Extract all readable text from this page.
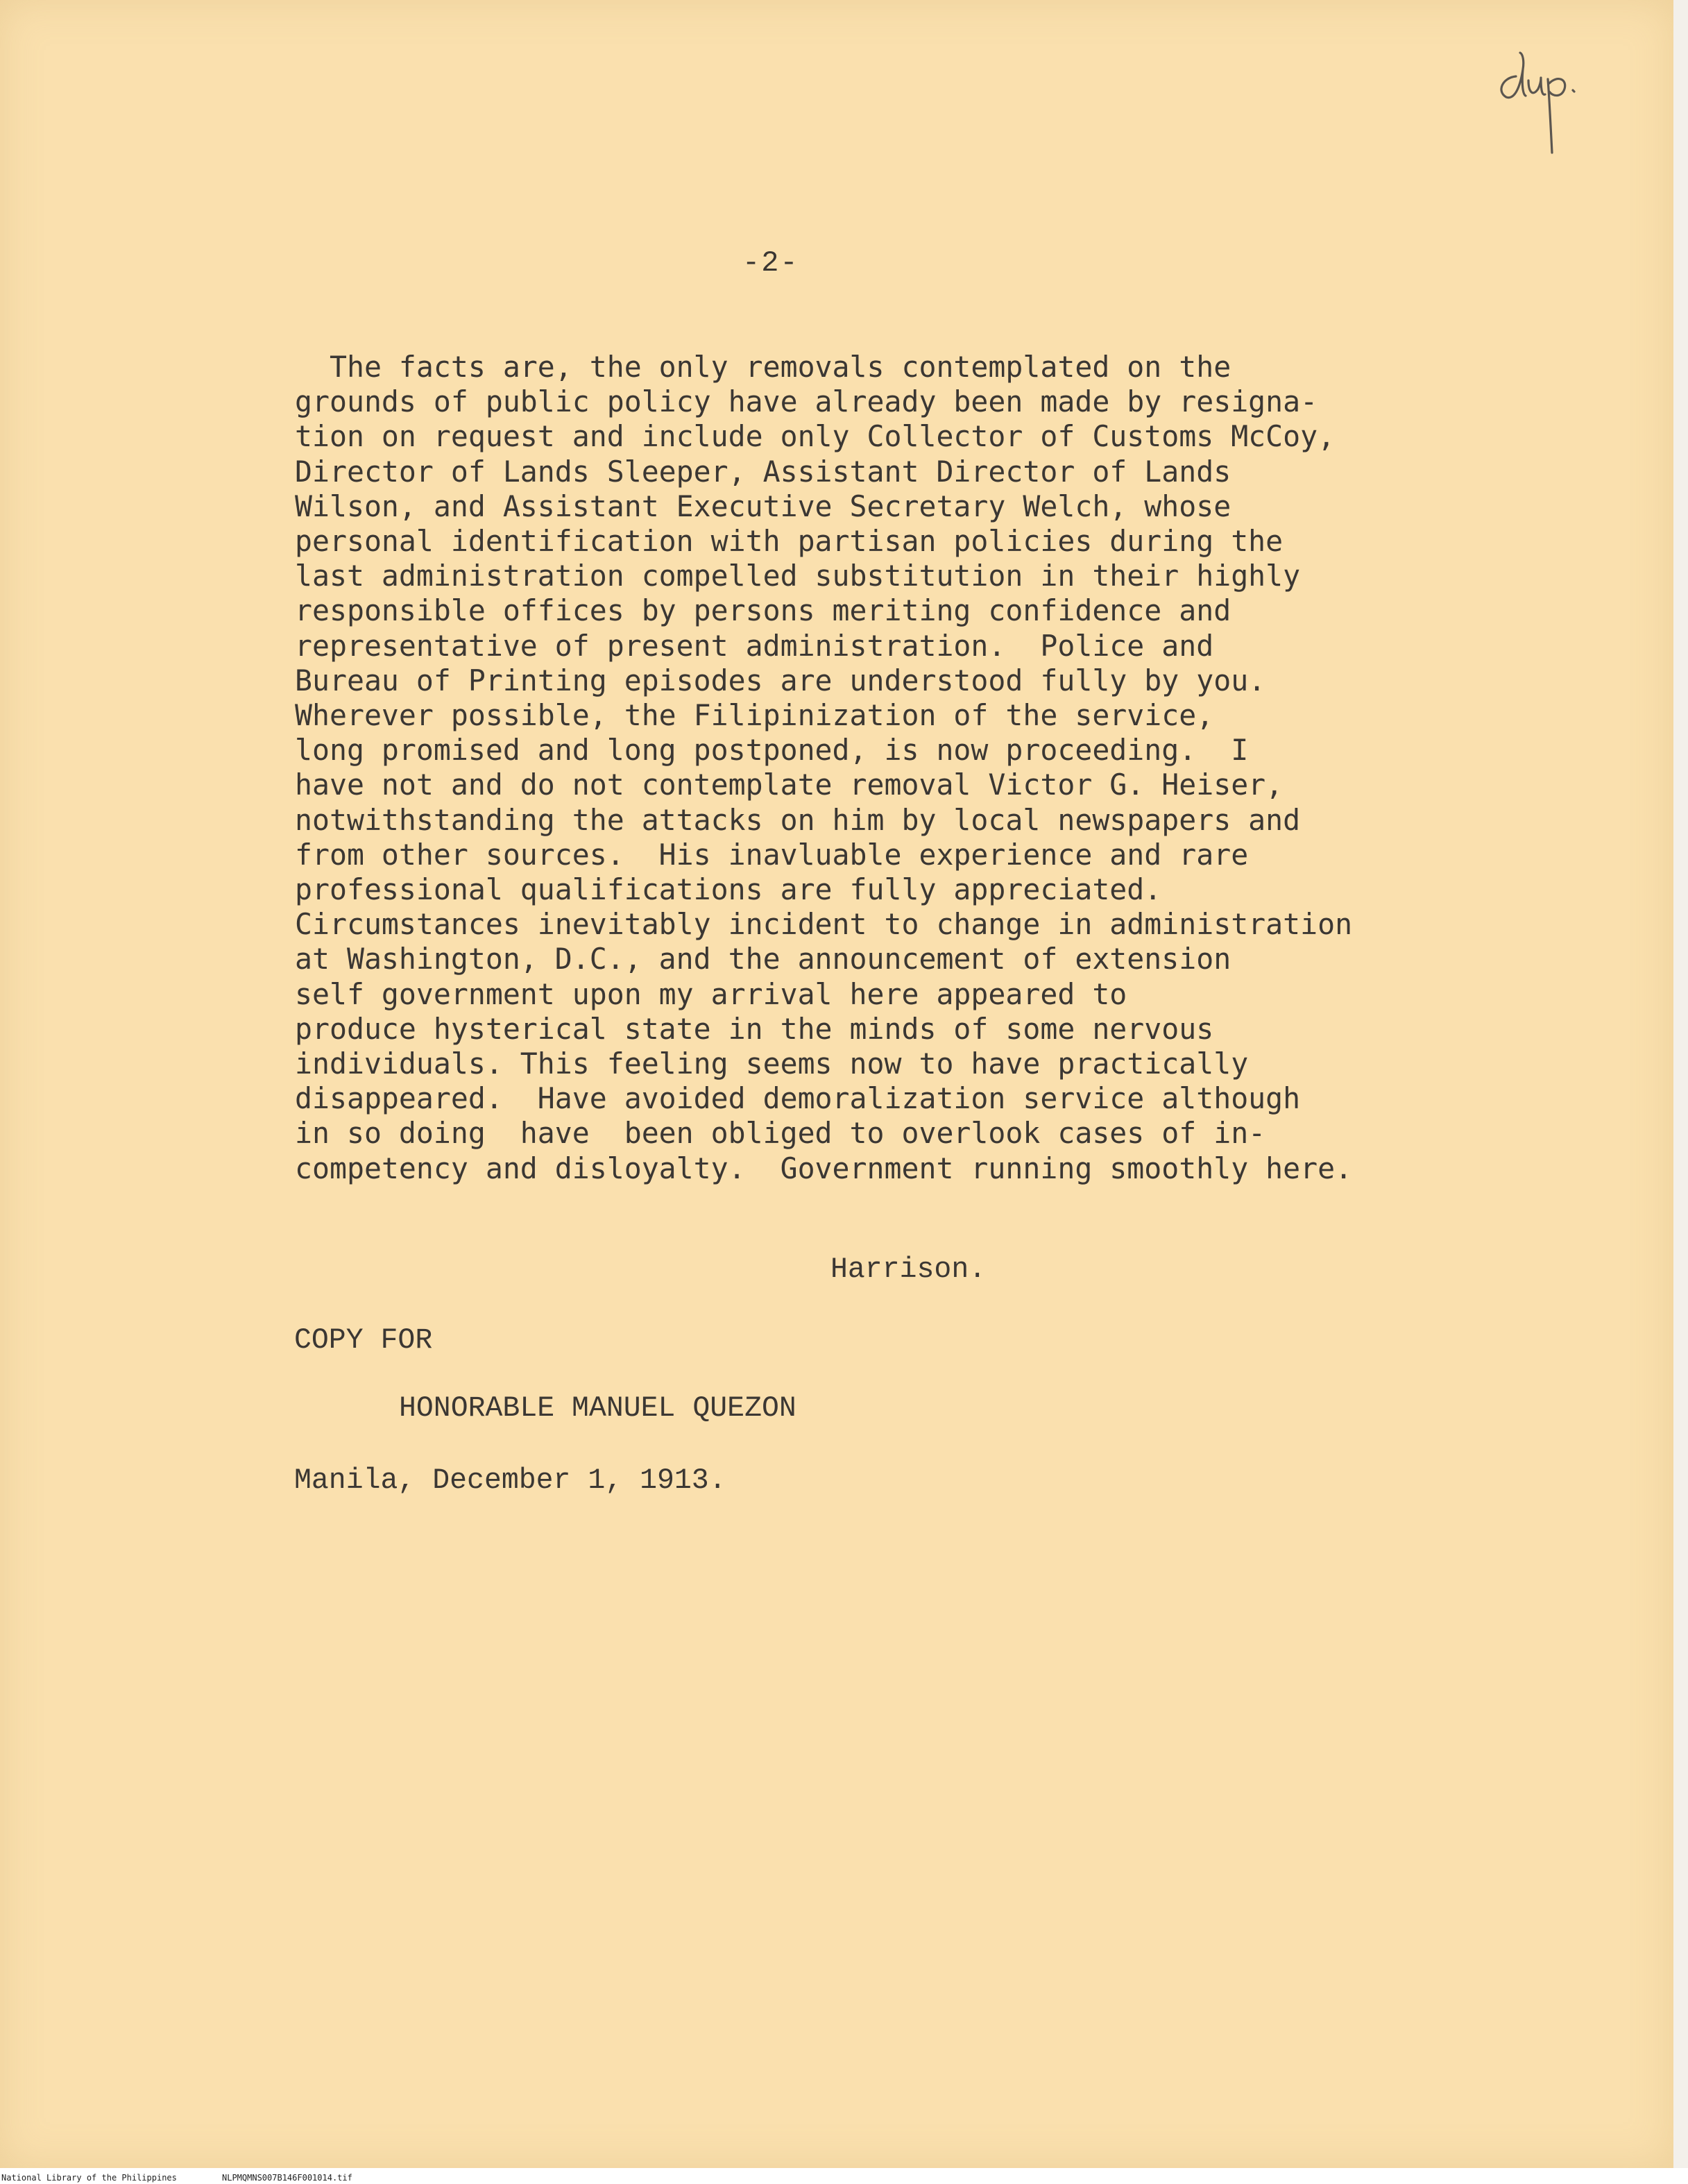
-2-
The facts are, the only removals contemplated on the
grounds of public policy have already been made by resigna-
tion on request and include only Collector of Customs McCoy,
Director of Lands Sleeper, Assistant Director of Lands
Wilson, and Assistant Executive Secretary Welch, whose
personal identification with partisan policies during the
last administration compelled substitution in their highly
responsible offices by persons meriting confidence and
representative of present administration.  Police and
Bureau of Printing episodes are understood fully by you.
Wherever possible, the Filipinization of the service,
long promised and long postponed, is now proceeding.  I
have not and do not contemplate removal Victor G. Heiser,
notwithstanding the attacks on him by local newspapers and
from other sources.  His inavluable experience and rare
professional qualifications are fully appreciated.
Circumstances inevitably incident to change in administration
at Washington, D.C., and the announcement of extension
self government upon my arrival here appeared to
produce hysterical state in the minds of some nervous
individuals. This feeling seems now to have practically
disappeared.  Have avoided demoralization service although
in so doing  have  been obliged to overlook cases of in-
competency and disloyalty.  Government running smoothly here.
Harrison.
COPY FOR
HONORABLE MANUEL QUEZON
Manila, December 1, 1913.
National Library of the Philippines	NLPMQMNS007B146F001014.tif
